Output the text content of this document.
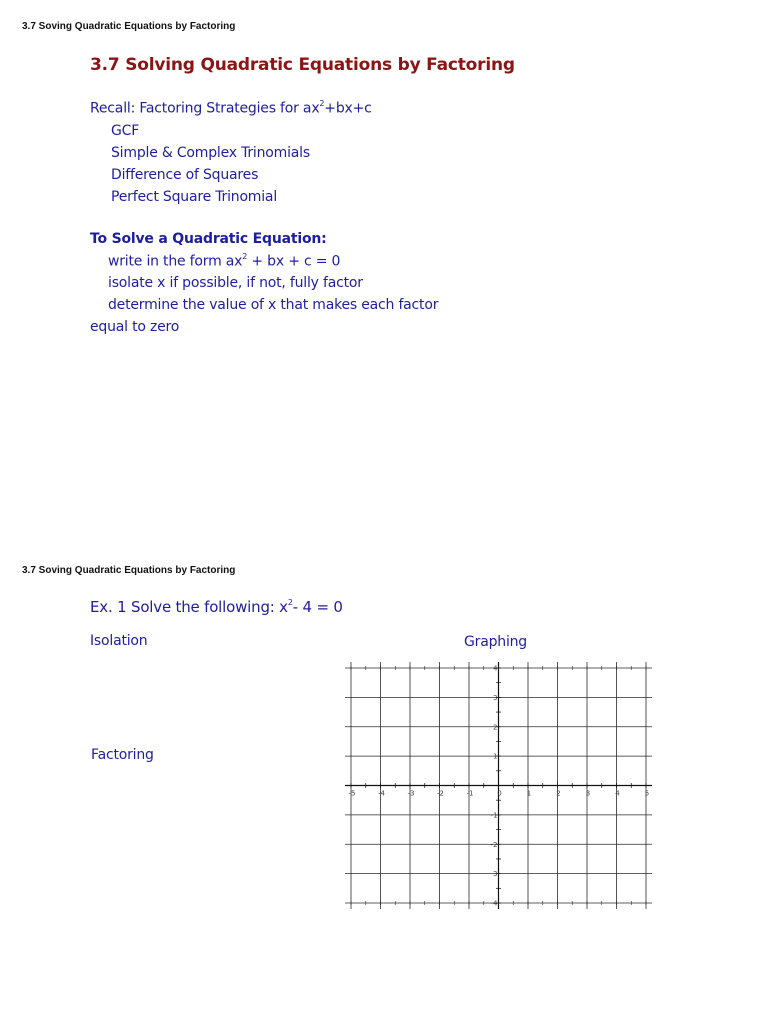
3.7 Soving Quadratic Equations by Factoring
3.7 Solving Quadratic Equations by Factoring
Recall: Factoring Strategies for $ax^2+bx+c$
GCF
Simple & Complex Trinomials
Difference of Squares
Perfect Square Trinomial
To Solve a Quadratic Equation:
write in the form $ax^2$ + bx + c = 0
isolate x if possible, if not, fully factor
determine the value of x that makes each factor
equal to zero
3.7 Soving Quadratic Equations by Factoring
Ex. 1 Solve the following: $x^2-$ 4 = 0
Isolation	Graphing
Factoring
-5	-4	-3	-2	-1	0	1	2	3	4	5
4
3
2
1
-1
-2
-3
-4
